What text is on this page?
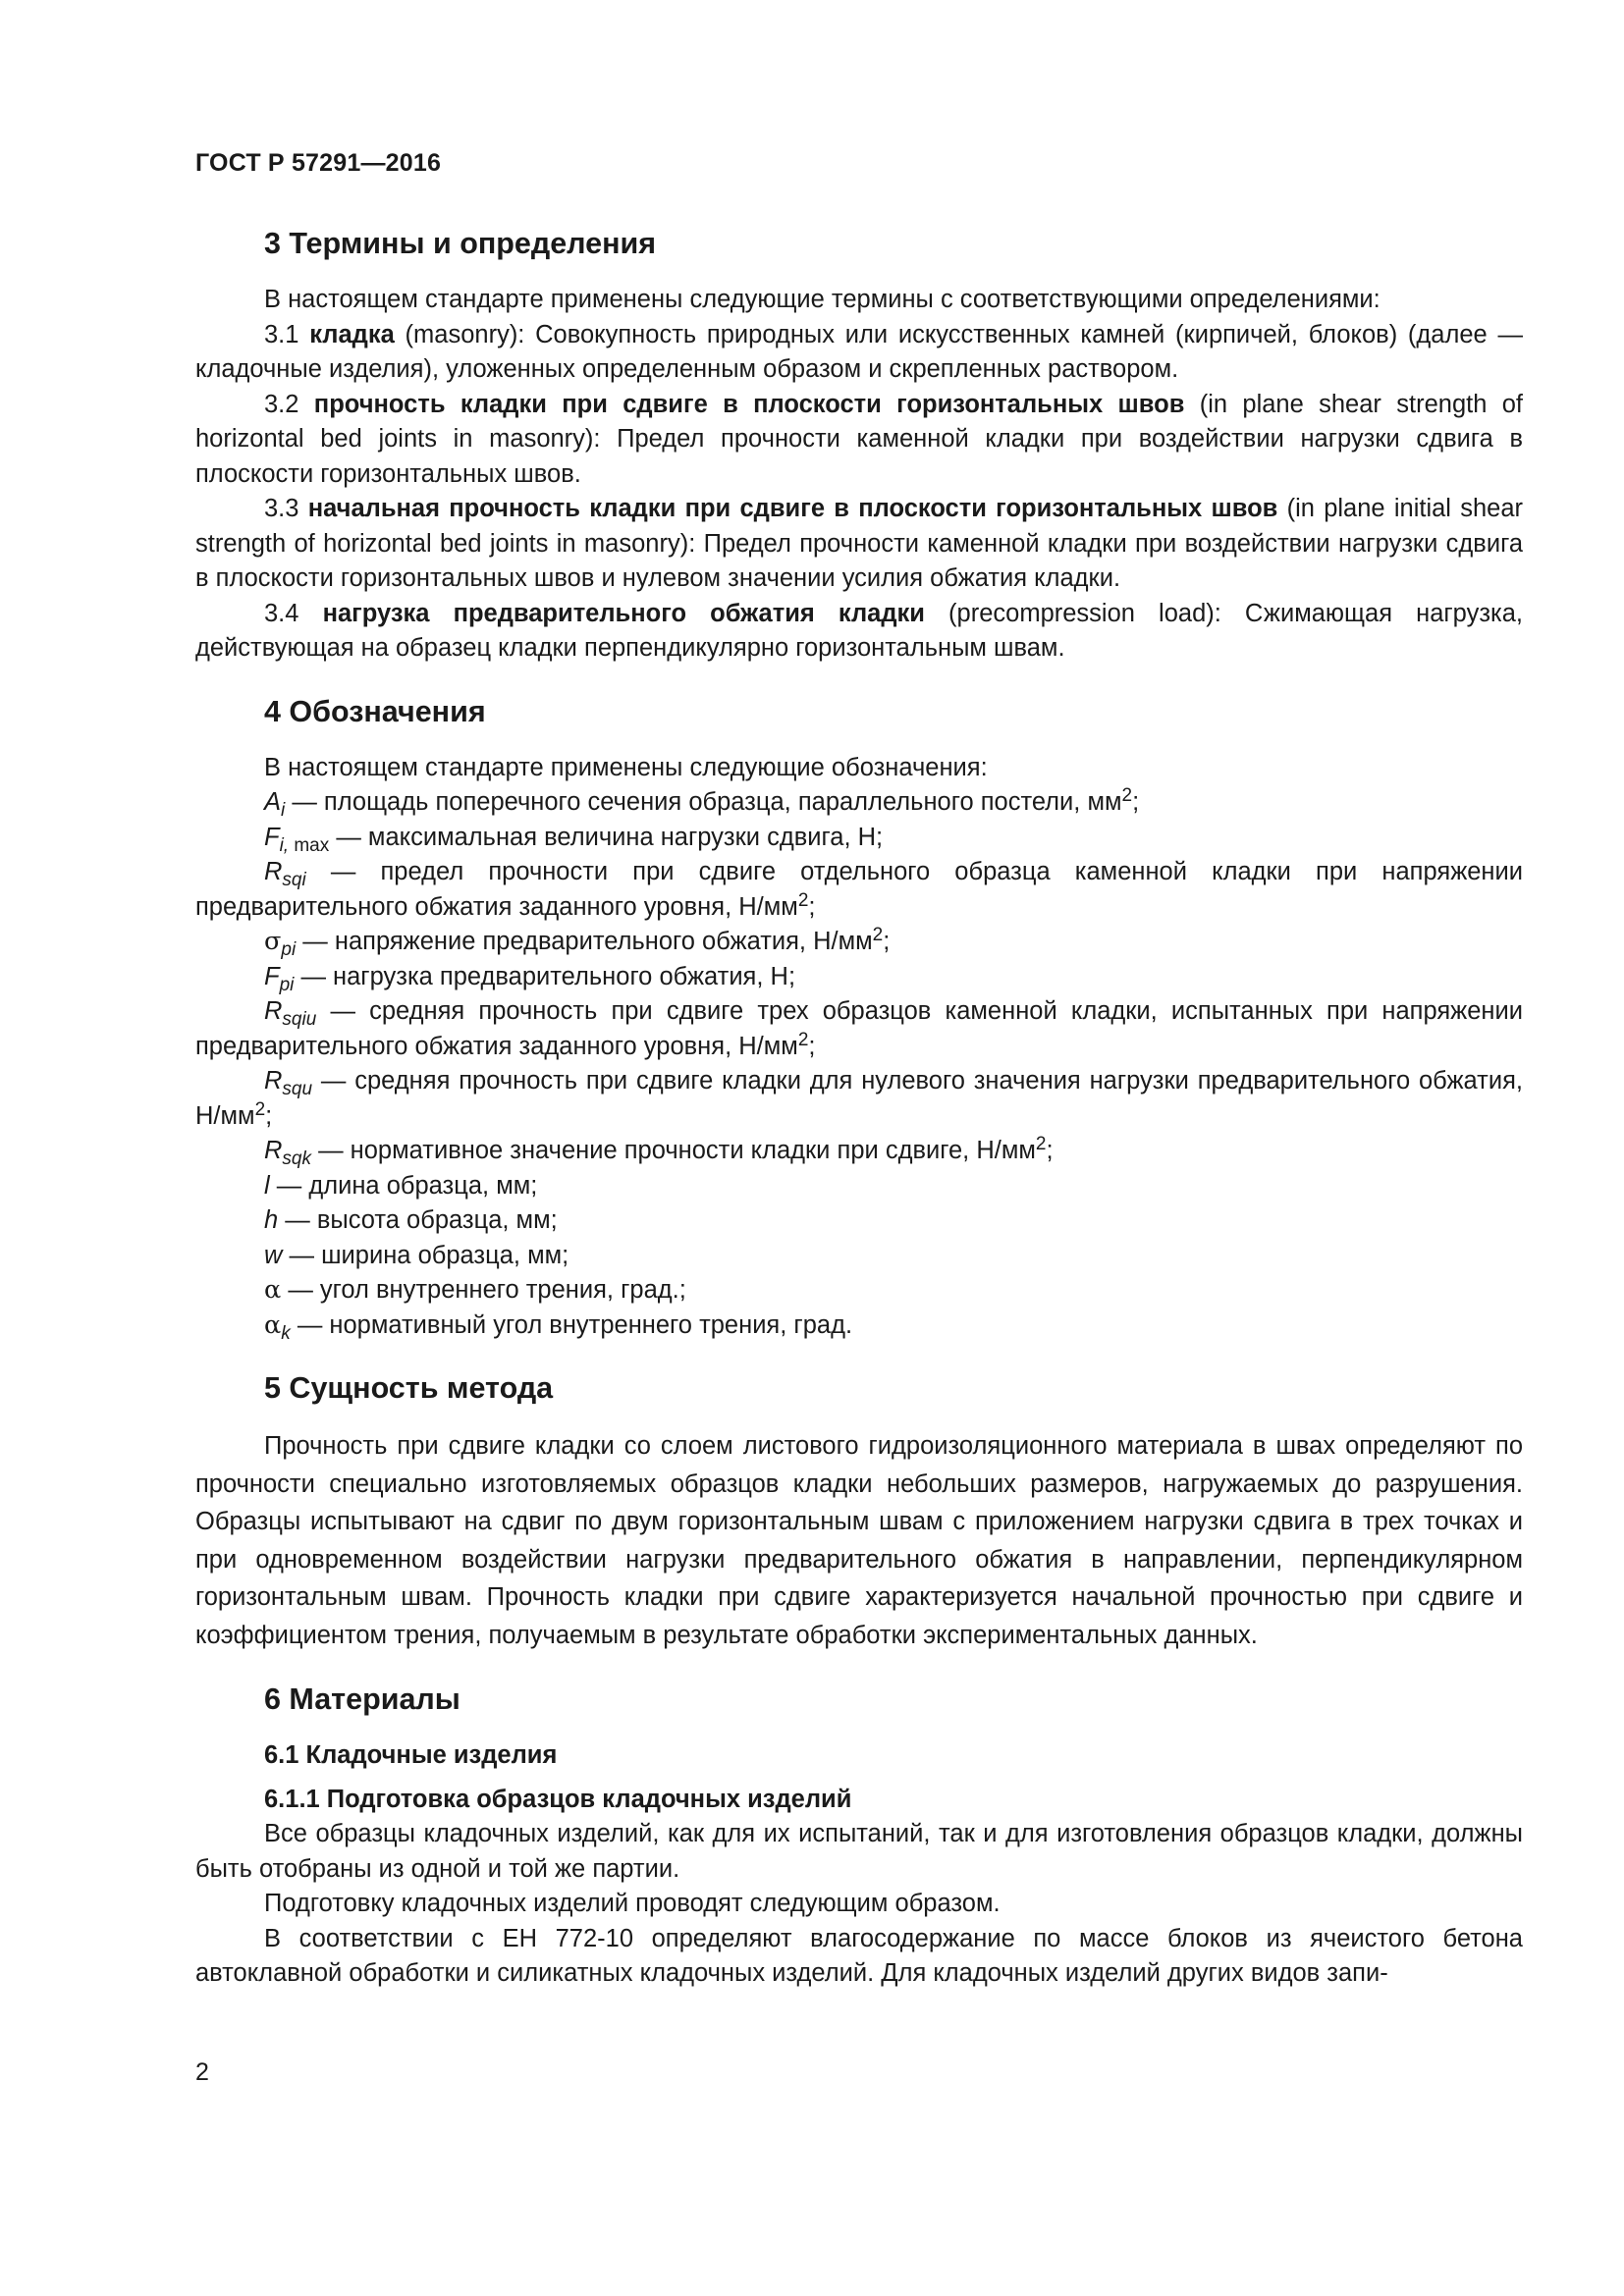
ГОСТ Р 57291—2016
3 Термины и определения

В настоящем стандарте применены следующие термины с соответствующими определениями:

3.1 кладка (masonry): Совокупность природных или искусственных камней (кирпичей, блоков) (далее — кладочные изделия), уложенных определенным образом и скрепленных раствором.

3.2 прочность кладки при сдвиге в плоскости горизонтальных швов (in plane shear strength of horizontal bed joints in masonry): Предел прочности каменной кладки при воздействии нагрузки сдвига в плоскости горизонтальных швов.

3.3 начальная прочность кладки при сдвиге в плоскости горизонтальных швов (in plane initial shear strength of horizontal bed joints in masonry): Предел прочности каменной кладки при воздействии нагрузки сдвига в плоскости горизонтальных швов и нулевом значении усилия обжатия кладки.

3.4 нагрузка предварительного обжатия кладки (precompression load): Сжимающая нагрузка, действующая на образец кладки перпендикулярно горизонтальным швам.

4 Обозначения

В настоящем стандарте применены следующие обозначения:

$A_i$ — площадь поперечного сечения образца, параллельного постели, $мм^2$;

$F_{i, max}$ — максимальная величина нагрузки сдвига, Н;

$R_{sqi}$ — предел прочности при сдвиге отдельного образца каменной кладки при напряжении предварительного обжатия заданного уровня, $Н/мм^2$;

$\sigma_{pi}$ — напряжение предварительного обжатия, $Н/мм^2$;

$F_{pi}$ — нагрузка предварительного обжатия, Н;

$R_{sqiu}$ — средняя прочность при сдвиге трех образцов каменной кладки, испытанных при напряжении предварительного обжатия заданного уровня, $Н/мм^2$;

$R_{squ}$ — средняя прочность при сдвиге кладки для нулевого значения нагрузки предварительного обжатия, $Н/мм^2$;

$R_{sqk}$ — нормативное значение прочности кладки при сдвиге, $Н/мм^2$;

l — длина образца, мм;

h — высота образца, мм;

w — ширина образца, мм;

α — угол внутреннего трения, град.;

$\alpha_k$ — нормативный угол внутреннего трения, град.

5 Сущность метода

Прочность при сдвиге кладки со слоем листового гидроизоляционного материала в швах определяют по прочности специально изготовляемых образцов кладки небольших размеров, нагружаемых до разрушения. Образцы испытывают на сдвиг по двум горизонтальным швам с приложением нагрузки сдвига в трех точках и при одновременном воздействии нагрузки предварительного обжатия в направлении, перпендикулярном горизонтальным швам. Прочность кладки при сдвиге характеризуется начальной прочностью при сдвиге и коэффициентом трения, получаемым в результате обработки экспериментальных данных.

6 Материалы
6.1 Кладочные изделия
6.1.1 Подготовка образцов кладочных изделий

Все образцы кладочных изделий, как для их испытаний, так и для изготовления образцов кладки, должны быть отобраны из одной и той же партии.

Подготовку кладочных изделий проводят следующим образом.

В соответствии с ЕН 772-10 определяют влагосодержание по массе блоков из ячеистого бетона автоклавной обработки и силикатных кладочных изделий. Для кладочных изделий других видов запи-

2
